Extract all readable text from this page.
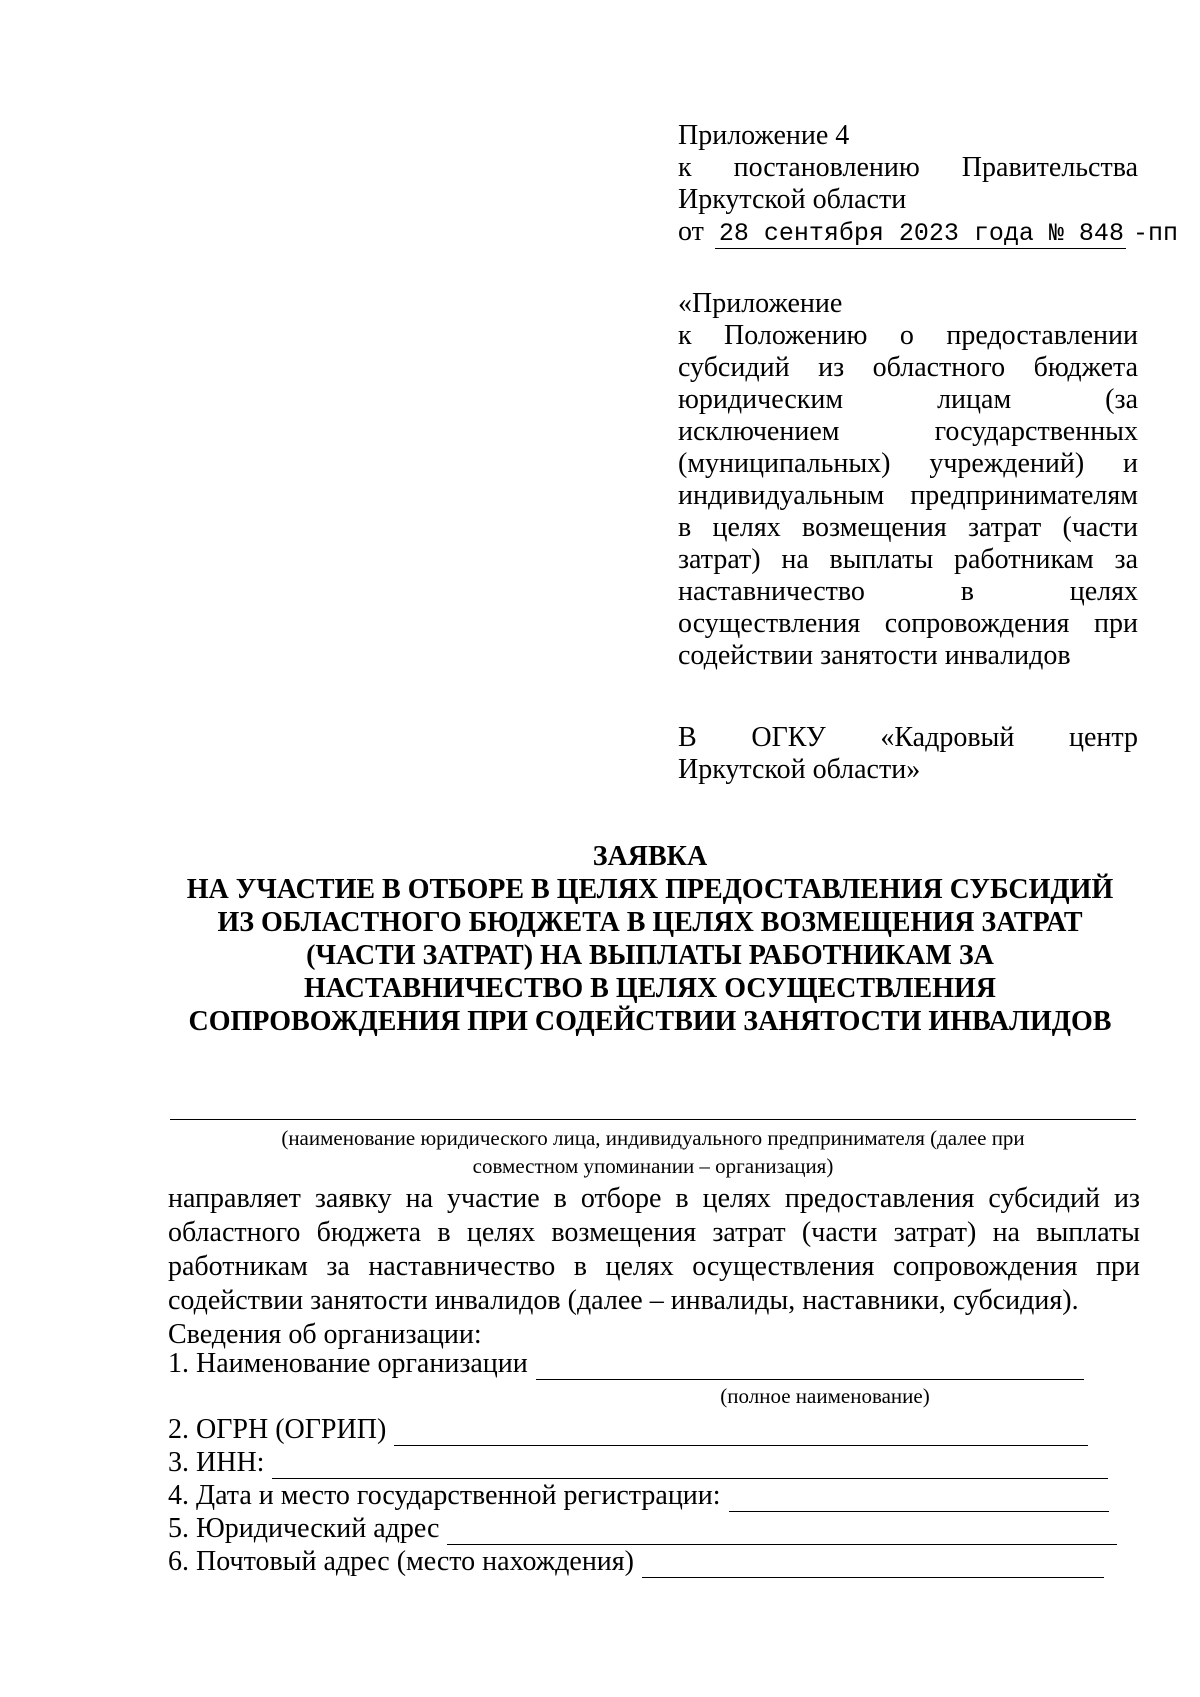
Приложение 4
к постановлению Правительства
Иркутской области
от 28 сентября 2023 года № 848 -пп
«Приложение
к Положению о предоставлении
субсидий из областного бюджета
юридическим лицам (за
исключением государственных
(муниципальных) учреждений) и
индивидуальным предпринимателям
в целях возмещения затрат (части
затрат) на выплаты работникам за
наставничество в целях
осуществления сопровождения при
содействии занятости инвалидов
В ОГКУ «Кадровый центр
Иркутской области»
ЗАЯВКА
НА УЧАСТИЕ В ОТБОРЕ В ЦЕЛЯХ ПРЕДОСТАВЛЕНИЯ СУБСИДИЙ
ИЗ ОБЛАСТНОГО БЮДЖЕТА В ЦЕЛЯХ ВОЗМЕЩЕНИЯ ЗАТРАТ
(ЧАСТИ ЗАТРАТ) НА ВЫПЛАТЫ РАБОТНИКАМ ЗА
НАСТАВНИЧЕСТВО В ЦЕЛЯХ ОСУЩЕСТВЛЕНИЯ
СОПРОВОЖДЕНИЯ ПРИ СОДЕЙСТВИИ ЗАНЯТОСТИ ИНВАЛИДОВ
(наименование юридического лица, индивидуального предпринимателя (далее при
совместном упоминании – организация)
направляет заявку на участие в отборе в целях предоставления субсидий из
областного бюджета в целях возмещения затрат (части затрат) на выплаты
работникам за наставничество в целях осуществления сопровождения при
содействии занятости инвалидов (далее – инвалиды, наставники, субсидия).
Сведения об организации:
1. Наименование организации
(полное наименование)
2. ОГРН (ОГРИП)
3. ИНН:
4. Дата и место государственной регистрации:
5. Юридический адрес
6. Почтовый адрес (место нахождения)
